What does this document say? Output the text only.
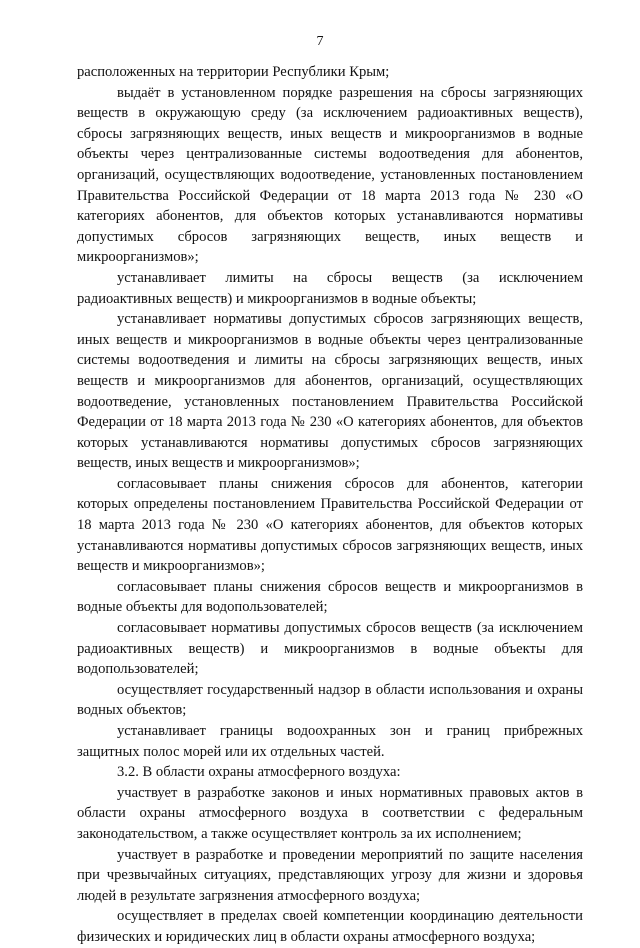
7

расположенных на территории Республики Крым;

выдаёт в установленном порядке разрешения на сбросы загрязняющих веществ в окружающую среду (за исключением радиоактивных веществ), сбросы загрязняющих веществ, иных веществ и микроорганизмов в водные объекты через централизованные системы водоотведения для абонентов, организаций, осуществляющих водоотведение, установленных постановлением Правительства Российской Федерации от 18 марта 2013 года № 230 «О категориях абонентов, для объектов которых устанавливаются нормативы допустимых сбросов загрязняющих веществ, иных веществ и микроорганизмов»;

устанавливает лимиты на сбросы веществ (за исключением радиоактивных веществ) и микроорганизмов в водные объекты;

устанавливает нормативы допустимых сбросов загрязняющих веществ, иных веществ и микроорганизмов в водные объекты через централизованные системы водоотведения и лимиты на сбросы загрязняющих веществ, иных веществ и микроорганизмов для абонентов, организаций, осуществляющих водоотведение, установленных постановлением Правительства Российской Федерации от 18 марта 2013 года № 230 «О категориях абонентов, для объектов которых устанавливаются нормативы допустимых сбросов загрязняющих веществ, иных веществ и микроорганизмов»;

согласовывает планы снижения сбросов для абонентов, категории которых определены постановлением Правительства Российской Федерации от 18 марта 2013 года № 230 «О категориях абонентов, для объектов которых устанавливаются нормативы допустимых сбросов загрязняющих веществ, иных веществ и микроорганизмов»;

согласовывает планы снижения сбросов веществ и микроорганизмов в водные объекты для водопользователей;

согласовывает нормативы допустимых сбросов веществ (за исключением радиоактивных веществ) и микроорганизмов в водные объекты для водопользователей;

осуществляет государственный надзор в области использования и охраны водных объектов;

устанавливает границы водоохранных зон и границ прибрежных защитных полос морей или их отдельных частей.

3.2. В области охраны атмосферного воздуха:

участвует в разработке законов и иных нормативных правовых актов в области охраны атмосферного воздуха в соответствии с федеральным законодательством, а также осуществляет контроль за их исполнением;

участвует в разработке и проведении мероприятий по защите населения при чрезвычайных ситуациях, представляющих угрозу для жизни и здоровья людей в результате загрязнения атмосферного воздуха;

осуществляет в пределах своей компетенции координацию деятельности физических и юридических лиц в области охраны атмосферного воздуха;
